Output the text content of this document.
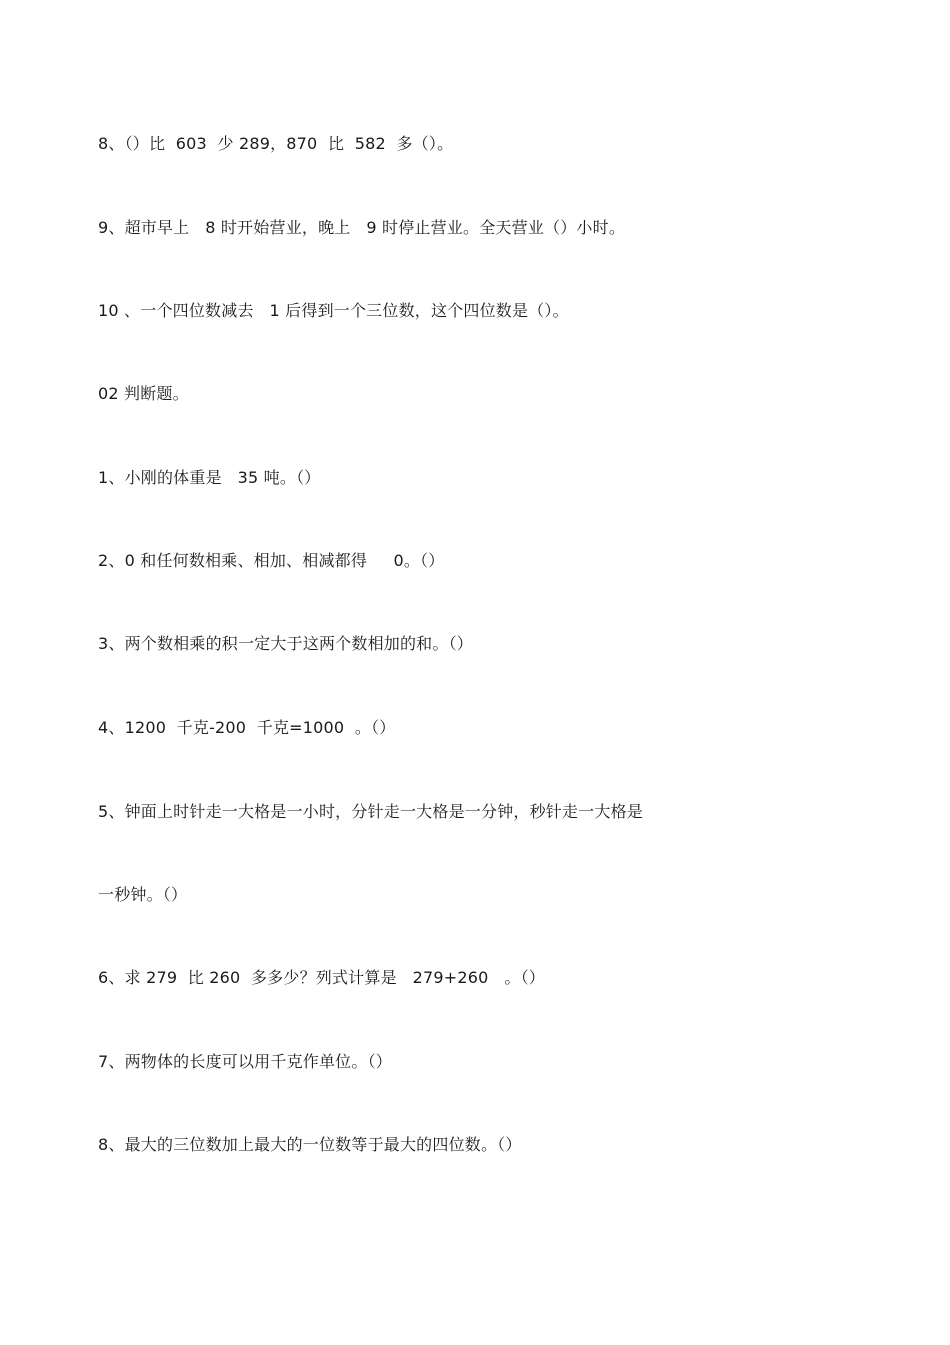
8、（）比  603  少 289，870  比  582  多（）。
9、超市早上   8 时开始营业，晚上   9 时停止营业。全天营业（）小时。
10 、一个四位数减去   1 后得到一个三位数，这个四位数是（）。
02 判断题。
1、小刚的体重是   35 吨。（）
2、0 和任何数相乘、相加、相减都得     0。（）
3、两个数相乘的积一定大于这两个数相加的和。（）
4、1200  千克-200  千克=1000  。（）
5、钟面上时针走一大格是一小时，分针走一大格是一分钟，秒针走一大格是
一秒钟。（）
6、求 279  比 260  多多少？列式计算是   279+260   。（）
7、两物体的长度可以用千克作单位。（）
8、最大的三位数加上最大的一位数等于最大的四位数。（）
